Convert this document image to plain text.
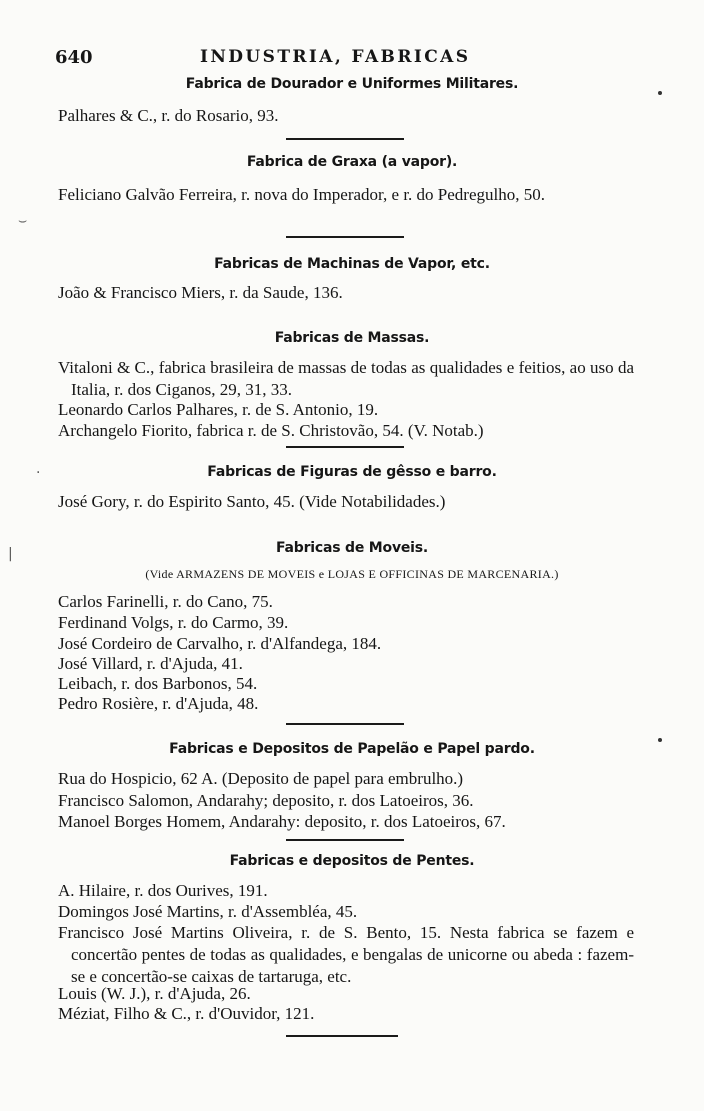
640	INDUSTRIA, FABRICAS
Fabrica de Dourador e Uniformes Militares.
Palhares & C., r. do Rosario, 93.
Fabrica de Graxa (a vapor).
Feliciano Galvão Ferreira, r. nova do Imperador, e r. do Pedregulho, 50.
Fabricas de Machinas de Vapor, etc.
João & Francisco Miers, r. da Saude, 136.
Fabricas de Massas.
Vitaloni & C., fabrica brasileira de massas de todas as qualidades e feitios, ao uso da Italia, r. dos Ciganos, 29, 31, 33.
Leonardo Carlos Palhares, r. de S. Antonio, 19.
Archangelo Fiorito, fabrica r. de S. Christovão, 54. (V. Notab.)
Fabricas de Figuras de gêsso e barro.
José Gory, r. do Espirito Santo, 45. (Vide Notabilidades.)
Fabricas de Moveis.
(Vide ARMAZENS DE MOVEIS e LOJAS E OFFICINAS DE MARCENARIA.)
Carlos Farinelli, r. do Cano, 75.
Ferdinand Volgs, r. do Carmo, 39.
José Cordeiro de Carvalho, r. d'Alfandega, 184.
José Villard, r. d'Ajuda, 41.
Leibach, r. dos Barbonos, 54.
Pedro Rosière, r. d'Ajuda, 48.
Fabricas e Depositos de Papelão e Papel pardo.
Rua do Hospicio, 62 A. (Deposito de papel para embrulho.)
Francisco Salomon, Andarahy; deposito, r. dos Latoeiros, 36.
Manoel Borges Homem, Andarahy: deposito, r. dos Latoeiros, 67.
Fabricas e depositos de Pentes.
A. Hilaire, r. dos Ourives, 191.
Domingos José Martins, r. d'Assembléa, 45.
Francisco José Martins Oliveira, r. de S. Bento, 15. Nesta fabrica se fazem e concertão pentes de todas as qualidades, e bengalas de unicorne ou abeda : fazem-se e concertão-se caixas de tartaruga, etc.
Louis (W. J.), r. d'Ajuda, 26.
Méziat, Filho & C., r. d'Ouvidor, 121.
⌣
·
|
